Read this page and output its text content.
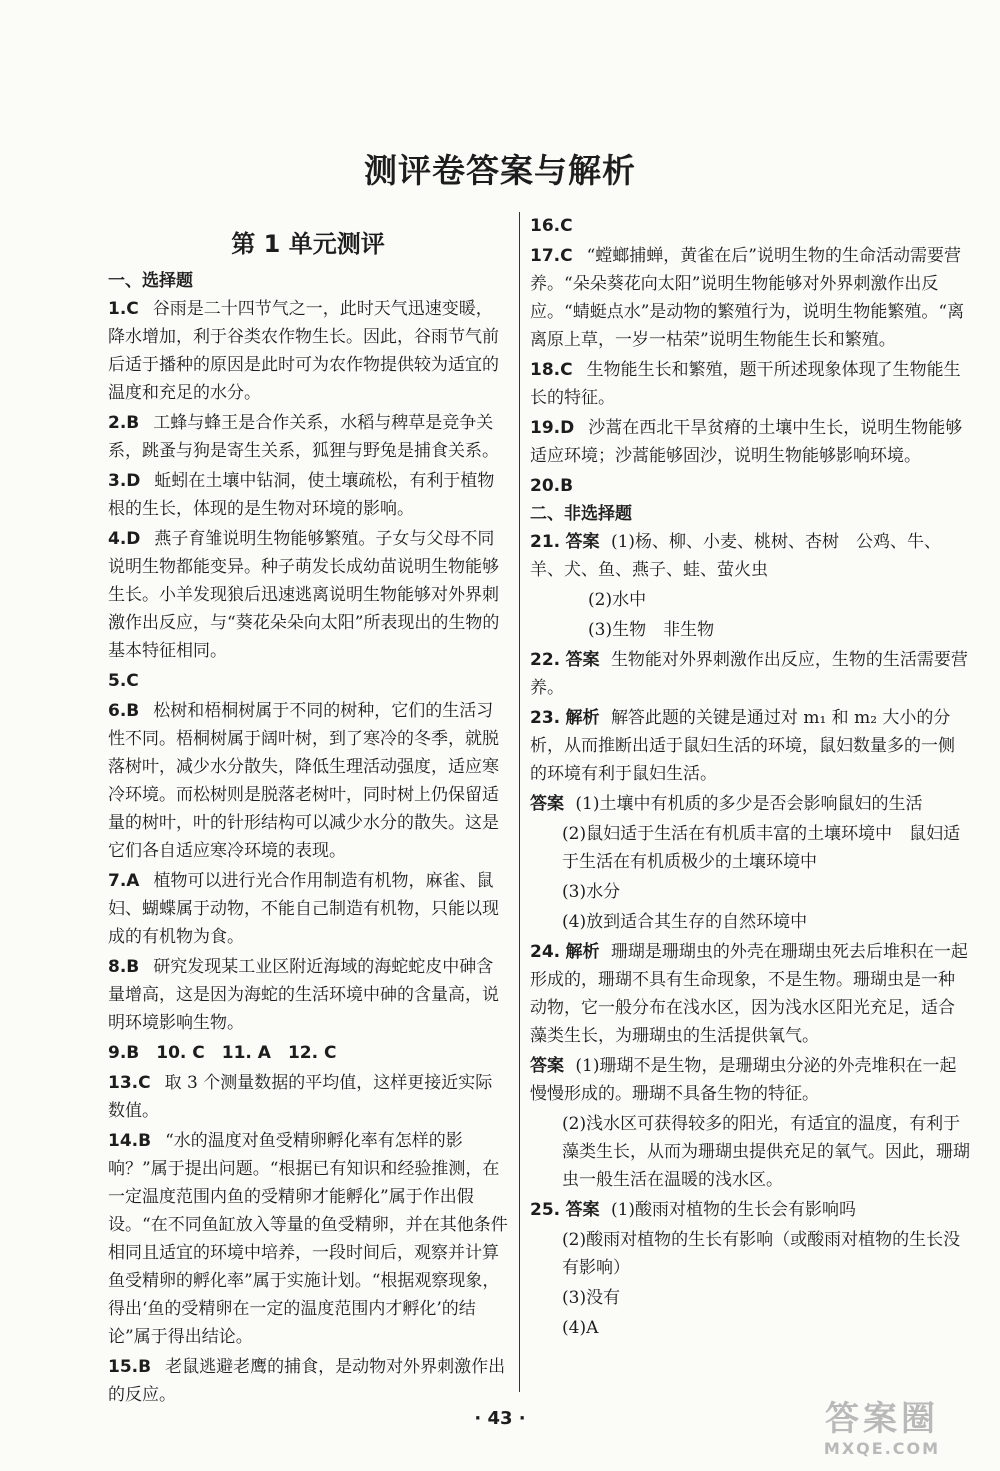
测评卷答案与解析
第 1 单元测评
一、选择题
1.C 谷雨是二十四节气之一，此时天气迅速变暖，降水增加，利于谷类农作物生长。因此，谷雨节气前后适于播种的原因是此时可为农作物提供较为适宜的温度和充足的水分。
2.B 工蜂与蜂王是合作关系，水稻与稗草是竞争关系，跳蚤与狗是寄生关系，狐狸与野兔是捕食关系。
3.D 蚯蚓在土壤中钻洞，使土壤疏松，有利于植物根的生长，体现的是生物对环境的影响。
4.D 燕子育雏说明生物能够繁殖。子女与父母不同说明生物都能变异。种子萌发长成幼苗说明生物能够生长。小羊发现狼后迅速逃离说明生物能够对外界刺激作出反应，与“葵花朵朵向太阳”所表现出的生物的基本特征相同。
5.C
6.B 松树和梧桐树属于不同的树种，它们的生活习性不同。梧桐树属于阔叶树，到了寒冷的冬季，就脱落树叶，减少水分散失，降低生理活动强度，适应寒冷环境。而松树则是脱落老树叶，同时树上仍保留适量的树叶，叶的针形结构可以减少水分的散失。这是它们各自适应寒冷环境的表现。
7.A 植物可以进行光合作用制造有机物，麻雀、鼠妇、蝴蝶属于动物，不能自己制造有机物，只能以现成的有机物为食。
8.B 研究发现某工业区附近海域的海蛇蛇皮中砷含量增高，这是因为海蛇的生活环境中砷的含量高，说明环境影响生物。
9.B　10. C　11. A　12. C
13.C 取 3 个测量数据的平均值，这样更接近实际数值。
14.B “水的温度对鱼受精卵孵化率有怎样的影响？”属于提出问题。“根据已有知识和经验推测，在一定温度范围内鱼的受精卵才能孵化”属于作出假设。“在不同鱼缸放入等量的鱼受精卵，并在其他条件相同且适宜的环境中培养，一段时间后，观察并计算鱼受精卵的孵化率”属于实施计划。“根据观察现象，得出‘鱼的受精卵在一定的温度范围内才孵化’的结论”属于得出结论。
15.B 老鼠逃避老鹰的捕食，是动物对外界刺激作出的反应。
16.C
17.C “螳螂捕蝉，黄雀在后”说明生物的生命活动需要营养。“朵朵葵花向太阳”说明生物能够对外界刺激作出反应。“蜻蜓点水”是动物的繁殖行为，说明生物能繁殖。“离离原上草，一岁一枯荣”说明生物能生长和繁殖。
18.C 生物能生长和繁殖，题干所述现象体现了生物能生长的特征。
19.D 沙蒿在西北干旱贫瘠的土壤中生长，说明生物能够适应环境；沙蒿能够固沙，说明生物能够影响环境。
20.B
二、非选择题
21. 答案 (1)杨、柳、小麦、桃树、杏树　公鸡、牛、羊、犬、鱼、燕子、蛙、萤火虫
(2)水中
(3)生物　非生物
22. 答案 生物能对外界刺激作出反应，生物的生活需要营养。
23. 解析 解答此题的关键是通过对 m₁ 和 m₂ 大小的分析，从而推断出适于鼠妇生活的环境，鼠妇数量多的一侧的环境有利于鼠妇生活。
答案 (1)土壤中有机质的多少是否会影响鼠妇的生活
(2)鼠妇适于生活在有机质丰富的土壤环境中　鼠妇适于生活在有机质极少的土壤环境中
(3)水分
(4)放到适合其生存的自然环境中
24. 解析 珊瑚是珊瑚虫的外壳在珊瑚虫死去后堆积在一起形成的，珊瑚不具有生命现象，不是生物。珊瑚虫是一种动物，它一般分布在浅水区，因为浅水区阳光充足，适合藻类生长，为珊瑚虫的生活提供氧气。
答案 (1)珊瑚不是生物，是珊瑚虫分泌的外壳堆积在一起慢慢形成的。珊瑚不具备生物的特征。
(2)浅水区可获得较多的阳光，有适宜的温度，有利于藻类生长，从而为珊瑚虫提供充足的氧气。因此，珊瑚虫一般生活在温暖的浅水区。
25. 答案 (1)酸雨对植物的生长会有影响吗
(2)酸雨对植物的生长有影响（或酸雨对植物的生长没有影响）
(3)没有
(4)A
· 43 ·	答案圈
MXQE.COM
